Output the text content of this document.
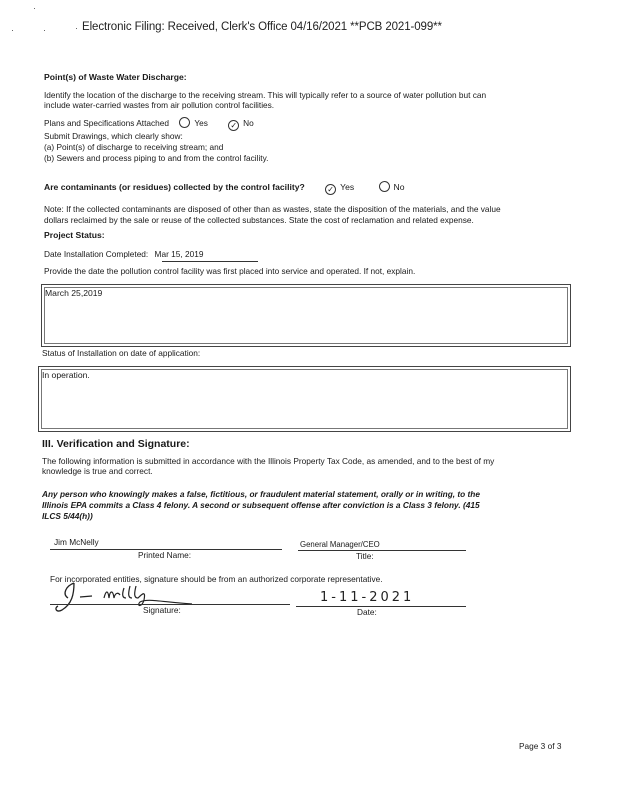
Electronic Filing: Received, Clerk's Office 04/16/2021 **PCB 2021-099**
Point(s) of Waste Water Discharge:
Identify the location of the discharge to the receiving stream. This will typically refer to a source of water pollution but can
include water-carried wastes from air pollution control facilities.
Plans and Specifications Attached	Yes	✓ No
Submit Drawings, which clearly show:
(a) Point(s) of discharge to receiving stream; and
(b) Sewers and process piping to and from the control facility.
Are contaminants (or residues) collected by the control facility?	✓ Yes	No
Note: If the collected contaminants are disposed of other than as wastes, state the disposition of the materials, and the value
dollars reclaimed by the sale or reuse of the collected substances. State the cost of reclamation and related expense.
Project Status:
Date Installation Completed: Mar 15, 2019
Provide the date the pollution control facility was first placed into service and operated. If not, explain.
March 25,2019
Status of Installation on date of application:
In operation.
III. Verification and Signature:
The following information is submitted in accordance with the Illinois Property Tax Code, as amended, and to the best of my
knowledge is true and correct.
Any person who knowingly makes a false, fictitious, or fraudulent material statement, orally or in writing, to the
Illinois EPA commits a Class 4 felony. A second or subsequent offense after conviction is a Class 3 felony. (415
ILCS 5/44(h))
Jim McNelly
Printed Name:
General Manager/CEO
Title:
For incorporated entities, signature should be from an authorized corporate representative.
Signature:
1-11-2021
Date:
Page 3 of 3
